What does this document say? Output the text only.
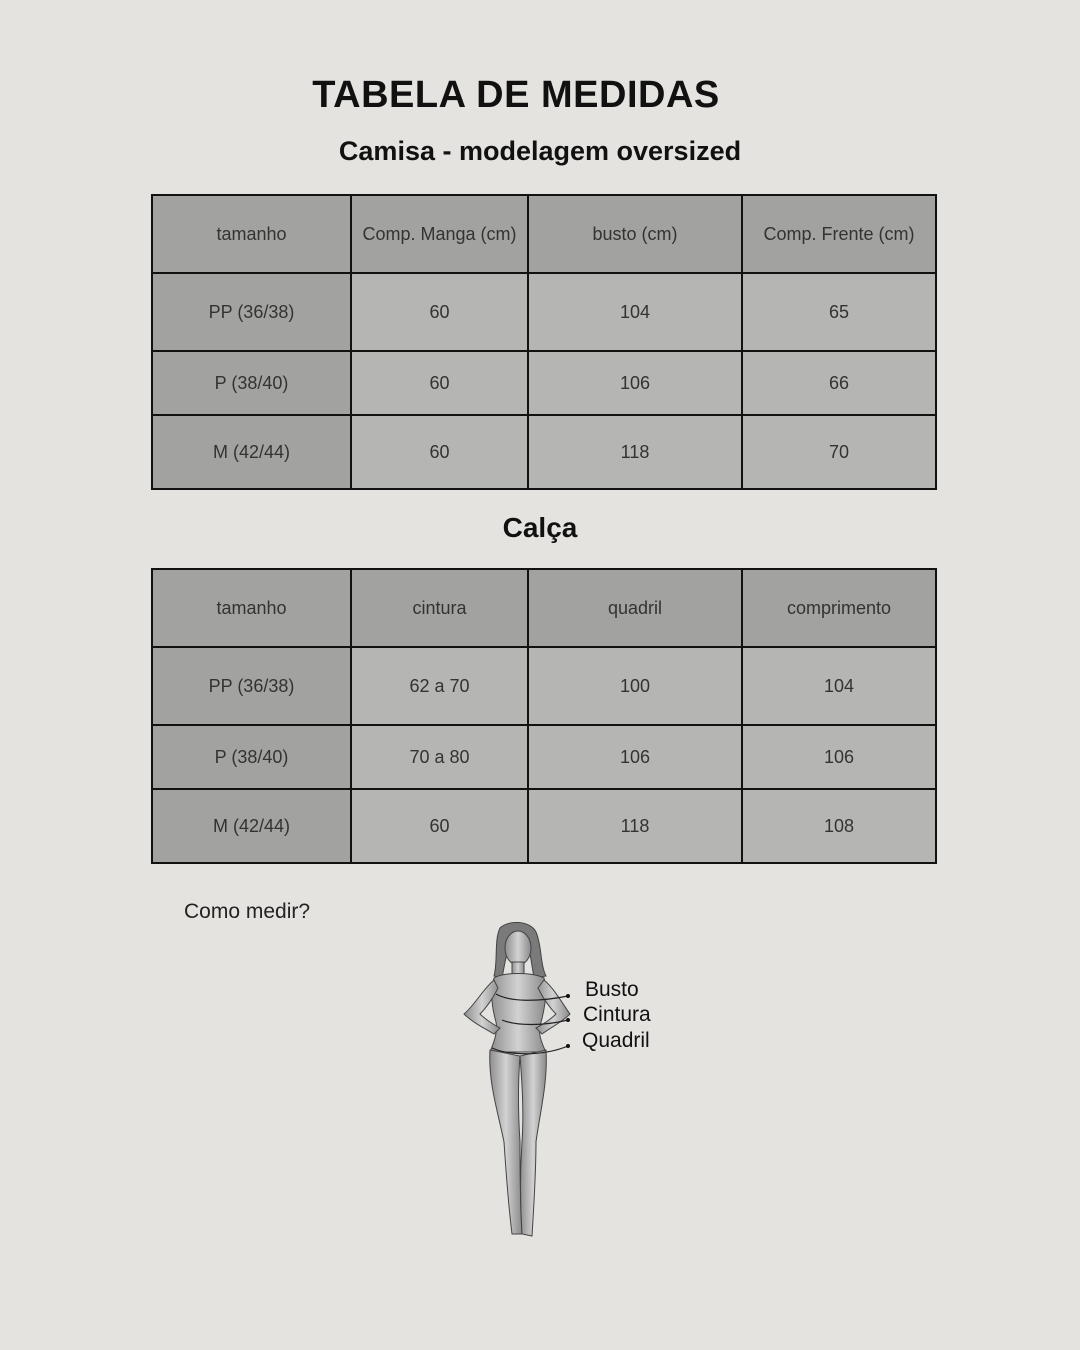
TABELA DE MEDIDAS
Camisa - modelagem oversized
tamanho	Comp. Manga (cm)	busto (cm)	Comp. Frente (cm)
PP (36/38)	60	104	65
P (38/40)	60	106	66
M (42/44)	60	118	70
Calça
tamanho	cintura	quadril	comprimento
PP (36/38)	62 a 70	100	104
P (38/40)	70 a 80	106	106
M (42/44)	60	118	108
Como medir?
Busto
Cintura
Quadril
